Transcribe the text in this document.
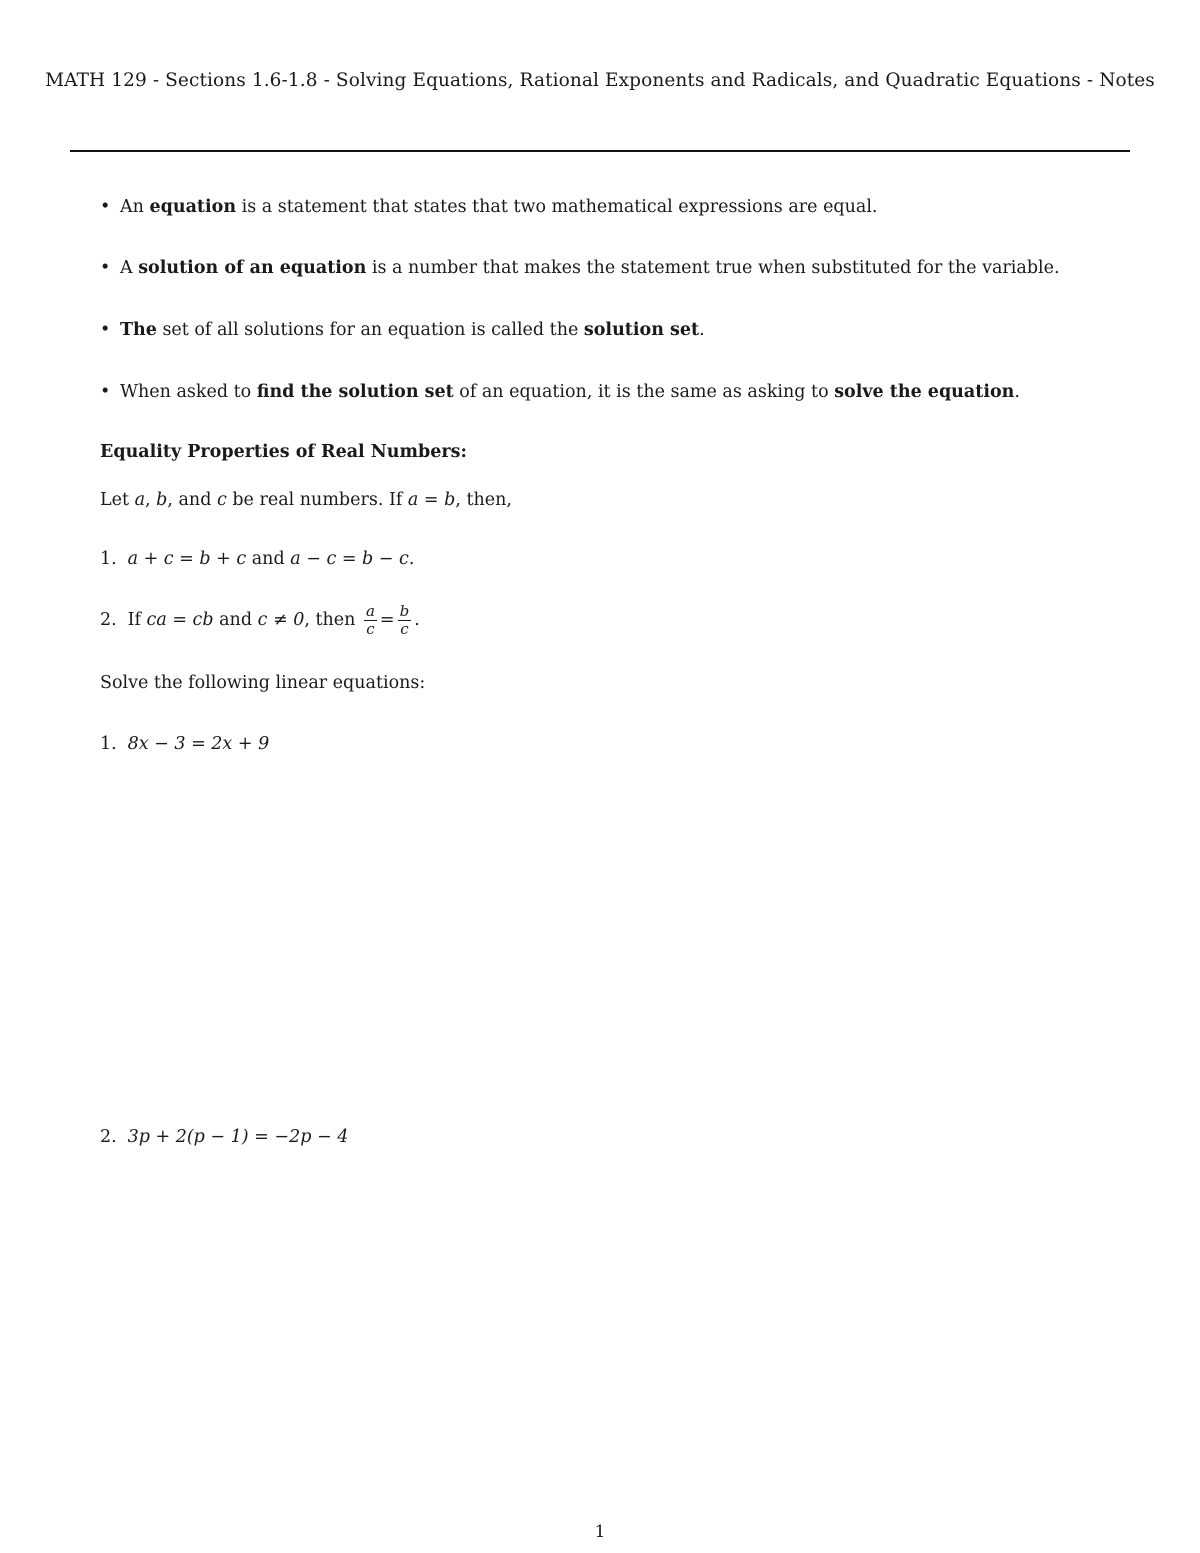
MATH 129 - Sections 1.6-1.8 - Solving Equations, Rational Exponents and Radicals, and Quadratic Equations - Notes
• An equation is a statement that states that two mathematical expressions are equal.
• A solution of an equation is a number that makes the statement true when substituted for the variable.
• The set of all solutions for an equation is called the solution set.
• When asked to find the solution set of an equation, it is the same as asking to solve the equation.
Equality Properties of Real Numbers:
Let a, b, and c be real numbers. If a = b, then,
1. a + c = b + c and a − c = b − c.
2. If ca = cb and c ≠ 0, then $\frac{a}{c} = \frac{b}{c}$ .
Solve the following linear equations:
1. 8x − 3 = 2x + 9
2. 3p + 2(p − 1) = −2p − 4
1
